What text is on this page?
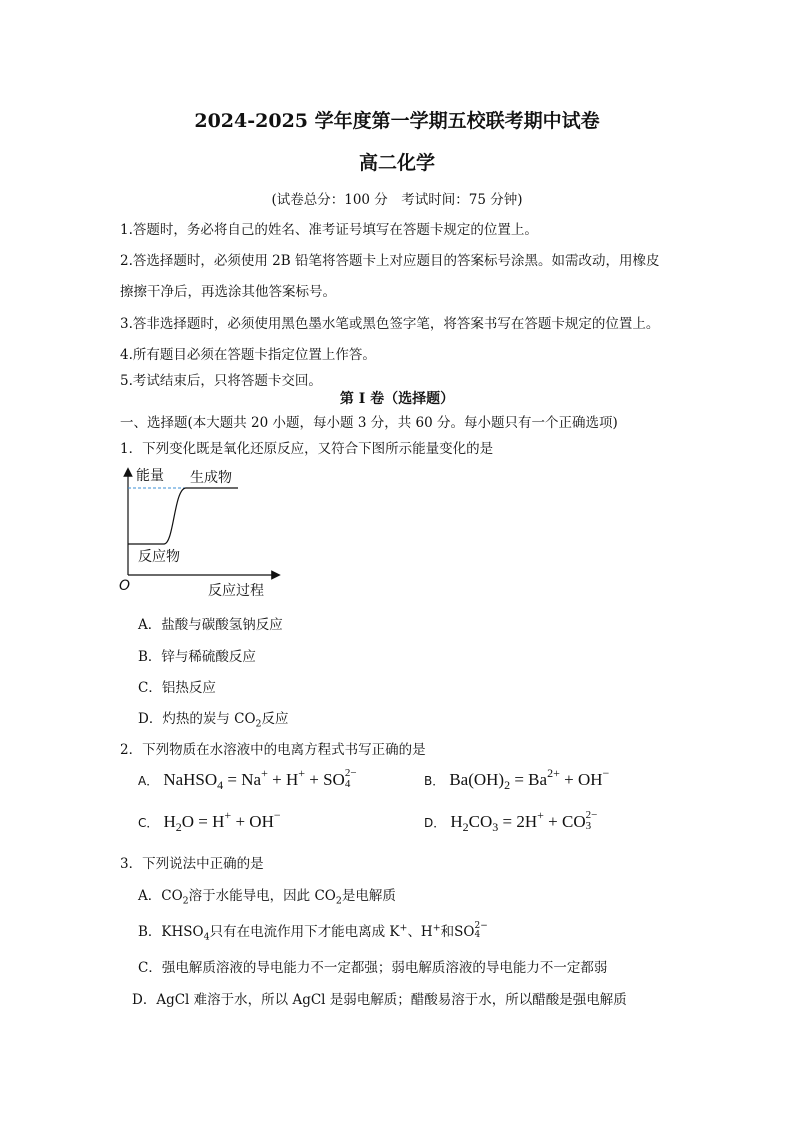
2024-2025 学年度第一学期五校联考期中试卷
高二化学
(试卷总分：100 分　考试时间：75 分钟)
1.答题时，务必将自己的姓名、准考证号填写在答题卡规定的位置上。
2.答选择题时，必须使用 2B 铅笔将答题卡上对应题目的答案标号涂黑。如需改动，用橡皮
擦擦干净后，再选涂其他答案标号。
3.答非选择题时，必须使用黑色墨水笔或黑色签字笔，将答案书写在答题卡规定的位置上。
4.所有题目必须在答题卡指定位置上作答。
5.考试结束后，只将答题卡交回。
第 I 卷（选择题）
一、选择题(本大题共 20 小题，每小题 3 分，共 60 分。每小题只有一个正确选项)
1．下列变化既是氧化还原反应，又符合下图所示能量变化的是
能量 生成物
反应物
O	反应过程
A．盐酸与碳酸氢钠反应
B．锌与稀硫酸反应
C．铝热反应
D．灼热的炭与 $CO_2$反应
2．下列物质在水溶液中的电离方程式书写正确的是
A． NaHSO$_4$ = Na+ + H+ + SO 2−
4	B． $Ba(OH)_2 = Ba^{2+} + OH^-$
C． $H_2O = H^+ + OH^-$
D． $H_2CO_3 = 2H^+$ + CO 2−
3
3．下列说法中正确的是
A．$CO_2$溶于水能导电，因此 $CO_2$是电解质
B．$KHSO_4$只有在电流作用下才能电离成 K+、H+和SO 2−
4
C．强电解质溶液的导电能力不一定都强；弱电解质溶液的导电能力不一定都弱
D．AgCl 难溶于水，所以 AgCl 是弱电解质；醋酸易溶于水，所以醋酸是强电解质
